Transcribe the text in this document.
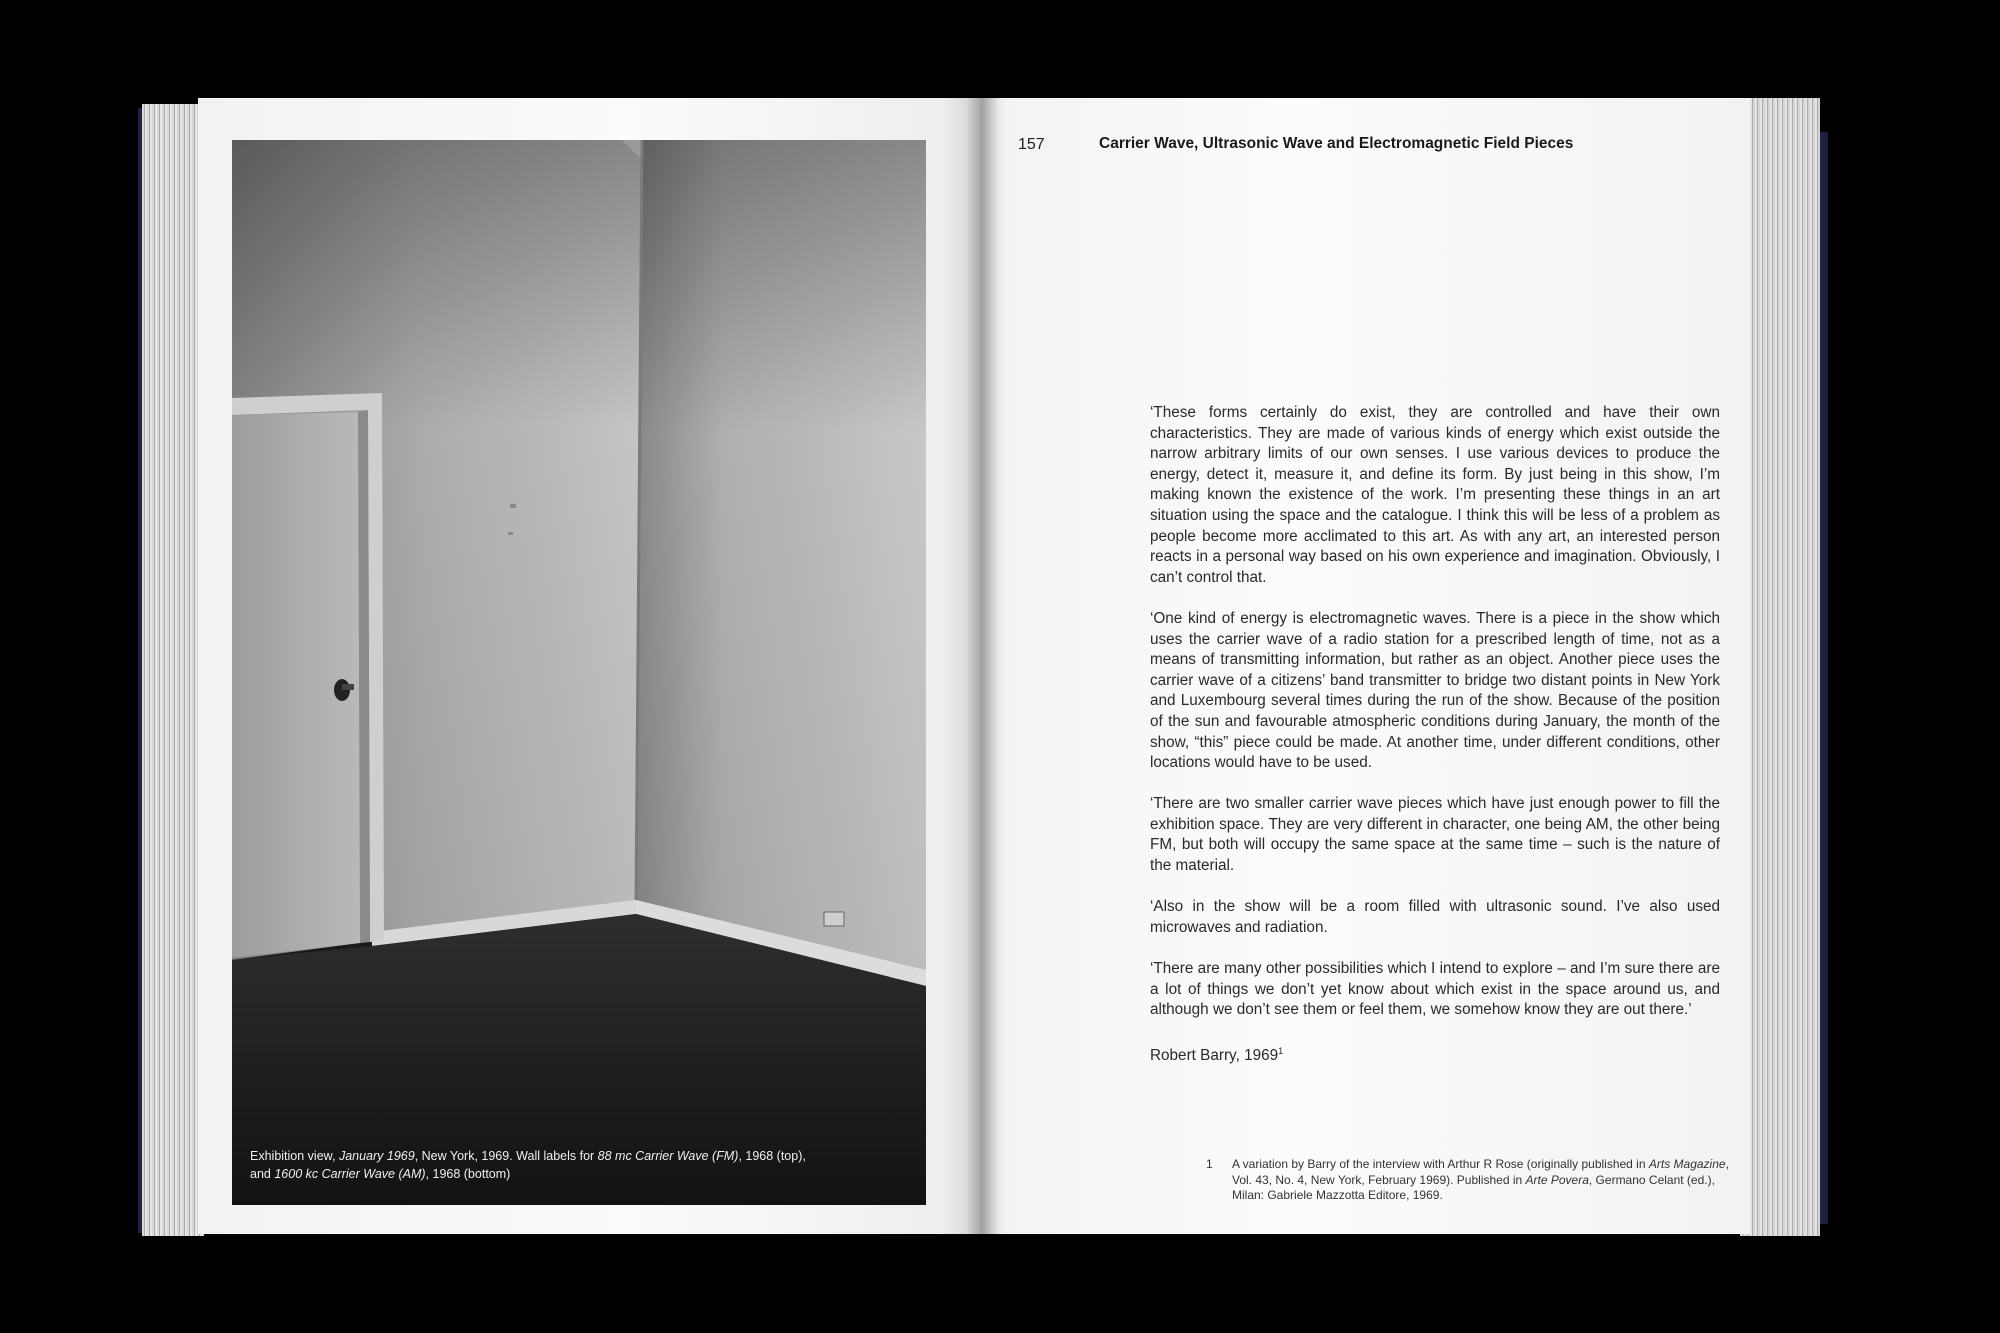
Exhibition view, January 1969, New York, 1969. Wall labels for 88 mc Carrier Wave (FM), 1968 (top),
and 1600 kc Carrier Wave (AM), 1968 (bottom)
157	Carrier Wave, Ultrasonic Wave and Electromagnetic Field Pieces

‘These forms certainly do exist, they are controlled and have their own characteristics. They are made of various kinds of energy which exist outside the narrow arbitrary limits of our own senses. I use various devices to produce the energy, detect it, measure it, and define its form. By just being in this show, I’m making known the existence of the work. I’m presenting these things in an art situation using the space and the catalogue. I think this will be less of a problem as people become more acclimated to this art. As with any art, an interested person reacts in a personal way based on his own experience and imagination. Obviously, I can’t control that.

‘One kind of energy is electromagnetic waves. There is a piece in the show which uses the carrier wave of a radio station for a prescribed length of time, not as a means of transmitting information, but rather as an object. Another piece uses the carrier wave of a citizens’ band transmitter to bridge two distant points in New York and Luxembourg several times during the run of the show. Because of the position of the sun and favourable atmospheric conditions during January, the month of the show, “this” piece could be made. At another time, under different conditions, other locations would have to be used.

‘There are two smaller carrier wave pieces which have just enough power to fill the exhibition space. They are very different in character, one being AM, the other being FM, but both will occupy the same space at the same time – such is the nature of the material.

‘Also in the show will be a room filled with ultrasonic sound. I’ve also used microwaves and radiation.

‘There are many other possibilities which I intend to explore – and I’m sure there are a lot of things we don’t yet know about which exist in the space around us, and although we don’t see them or feel them, we somehow know they are out there.’

Robert Barry, 1969$^1$

1 A variation by Barry of the interview with Arthur R Rose (originally published in Arts Magazine, Vol. 43, No. 4, New York, February 1969). Published in Arte Povera, Germano Celant (ed.), Milan: Gabriele Mazzotta Editore, 1969.
